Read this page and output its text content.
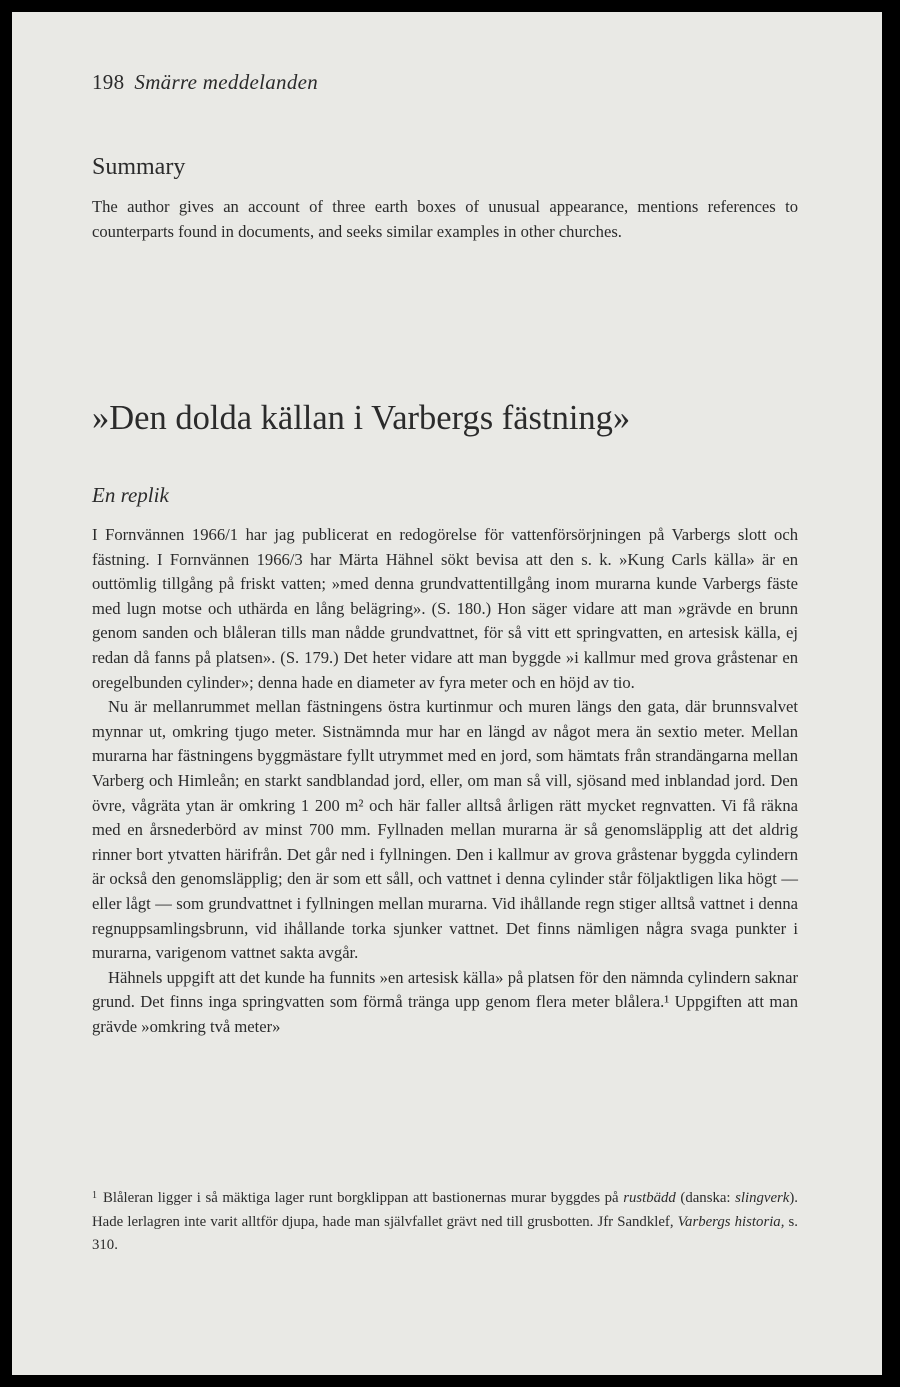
198 Smärre meddelanden
Summary
The author gives an account of three earth boxes of unusual appearance, mentions references to counterparts found in documents, and seeks similar examples in other churches.
»Den dolda källan i Varbergs fästning»
En replik

I Fornvännen 1966/1 har jag publicerat en redogörelse för vattenförsörjningen på Varbergs slott och fästning. I Fornvännen 1966/3 har Märta Hähnel sökt bevisa att den s. k. »Kung Carls källa» är en outtömlig tillgång på friskt vatten; »med denna grundvattentillgång inom murarna kunde Varbergs fäste med lugn motse och uthärda en lång belägring». (S. 180.) Hon säger vidare att man »grävde en brunn genom sanden och blåleran tills man nådde grundvattnet, för så vitt ett springvatten, en artesisk källa, ej redan då fanns på platsen». (S. 179.) Det heter vidare att man byggde »i kallmur med grova gråstenar en oregelbunden cylinder»; denna hade en diameter av fyra meter och en höjd av tio.

Nu är mellanrummet mellan fästningens östra kurtinmur och muren längs den gata, där brunnsvalvet mynnar ut, omkring tjugo meter. Sistnämnda mur har en längd av något mera än sextio meter. Mellan murarna har fästningens byggmästare fyllt utrymmet med en jord, som hämtats från strandängarna mellan Varberg och Himleån; en starkt sandblandad jord, eller, om man så vill, sjösand med inblandad jord. Den övre, vågräta ytan är omkring 1 200 m² och här faller alltså årligen rätt mycket regnvatten. Vi få räkna med en årsnederbörd av minst 700 mm. Fyllnaden mellan murarna är så genomsläpplig att det aldrig rinner bort ytvatten härifrån. Det går ned i fyllningen. Den i kallmur av grova gråstenar byggda cylindern är också den genomsläpplig; den är som ett såll, och vattnet i denna cylinder står följaktligen lika högt — eller lågt — som grundvattnet i fyllningen mellan murarna. Vid ihållande regn stiger alltså vattnet i denna regnuppsamlingsbrunn, vid ihållande torka sjunker vattnet. Det finns nämligen några svaga punkter i murarna, varigenom vattnet sakta avgår.

Hähnels uppgift att det kunde ha funnits »en artesisk källa» på platsen för den nämnda cylindern saknar grund. Det finns inga springvatten som förmå tränga upp genom flera meter blålera.¹ Uppgiften att man grävde »omkring två meter»

$^1$ Blåleran ligger i så mäktiga lager runt borgklippan att bastionernas murar byggdes på rustbädd (danska: slingverk). Hade lerlagren inte varit alltför djupa, hade man självfallet grävt ned till grusbotten. Jfr Sandklef, Varbergs historia, s. 310.
